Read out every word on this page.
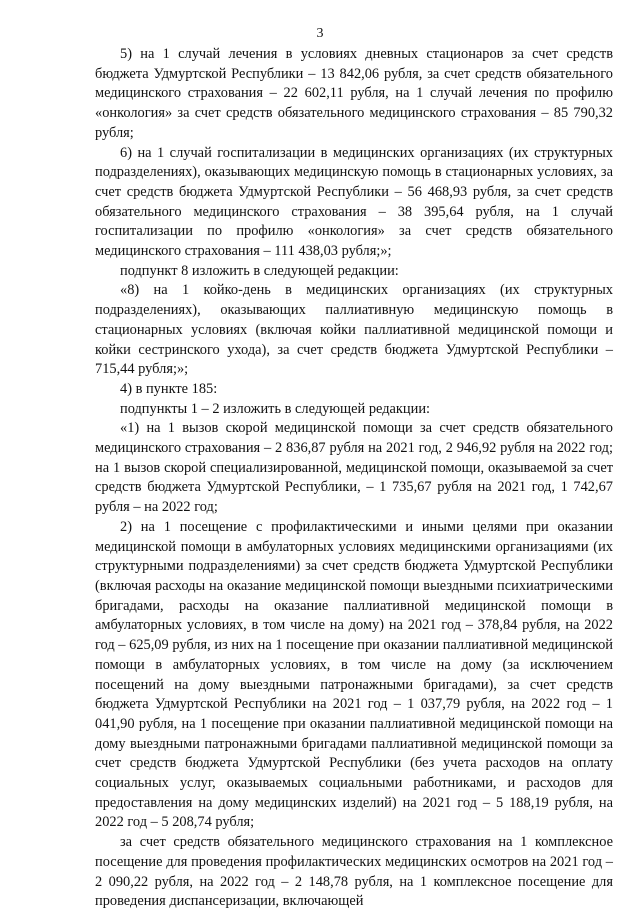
3

5) на 1 случай лечения в условиях дневных стационаров за счет средств бюджета Удмуртской Республики – 13 842,06 рубля, за счет средств обязательного медицинского страхования – 22 602,11 рубля, на 1 случай лечения по профилю «онкология» за счет средств обязательного медицинского страхования – 85 790,32 рубля;

6) на 1 случай госпитализации в медицинских организациях (их структурных подразделениях), оказывающих медицинскую помощь в стационарных условиях, за счет средств бюджета Удмуртской Республики – 56 468,93 рубля, за счет средств обязательного медицинского страхования – 38 395,64 рубля, на 1 случай госпитализации по профилю «онкология» за счет средств обязательного медицинского страхования – 111 438,03 рубля;»;

подпункт 8 изложить в следующей редакции:

«8) на 1 койко-день в медицинских организациях (их структурных подразделениях), оказывающих паллиативную медицинскую помощь в стационарных условиях (включая койки паллиативной медицинской помощи и койки сестринского ухода), за счет средств бюджета Удмуртской Республики – 715,44 рубля;»;

4) в пункте 185:

подпункты 1 – 2 изложить в следующей редакции:

«1) на 1 вызов скорой медицинской помощи за счет средств обязательного медицинского страхования – 2 836,87 рубля на 2021 год, 2 946,92 рубля на 2022 год; на 1 вызов скорой специализированной, медицинской помощи, оказываемой за счет средств бюджета Удмуртской Республики, – 1 735,67 рубля на 2021 год, 1 742,67 рубля – на 2022 год;

2) на 1 посещение с профилактическими и иными целями при оказании медицинской помощи в амбулаторных условиях медицинскими организациями (их структурными подразделениями) за счет средств бюджета Удмуртской Республики (включая расходы на оказание медицинской помощи выездными психиатрическими бригадами, расходы на оказание паллиативной медицинской помощи в амбулаторных условиях, в том числе на дому) на 2021 год – 378,84 рубля, на 2022 год – 625,09 рубля, из них на 1 посещение при оказании паллиативной медицинской помощи в амбулаторных условиях, в том числе на дому (за исключением посещений на дому выездными патронажными бригадами), за счет средств бюджета Удмуртской Республики на 2021 год – 1 037,79 рубля, на 2022 год – 1 041,90 рубля, на 1 посещение при оказании паллиативной медицинской помощи на дому выездными патронажными бригадами паллиативной медицинской помощи за счет средств бюджета Удмуртской Республики (без учета расходов на оплату социальных услуг, оказываемых социальными работниками, и расходов для предоставления на дому медицинских изделий) на 2021 год – 5 188,19 рубля, на 2022 год – 5 208,74 рубля;

за счет средств обязательного медицинского страхования на 1 комплексное посещение для проведения профилактических медицинских осмотров на 2021 год – 2 090,22 рубля, на 2022 год – 2 148,78 рубля, на 1 комплексное посещение для проведения диспансеризации, включающей
